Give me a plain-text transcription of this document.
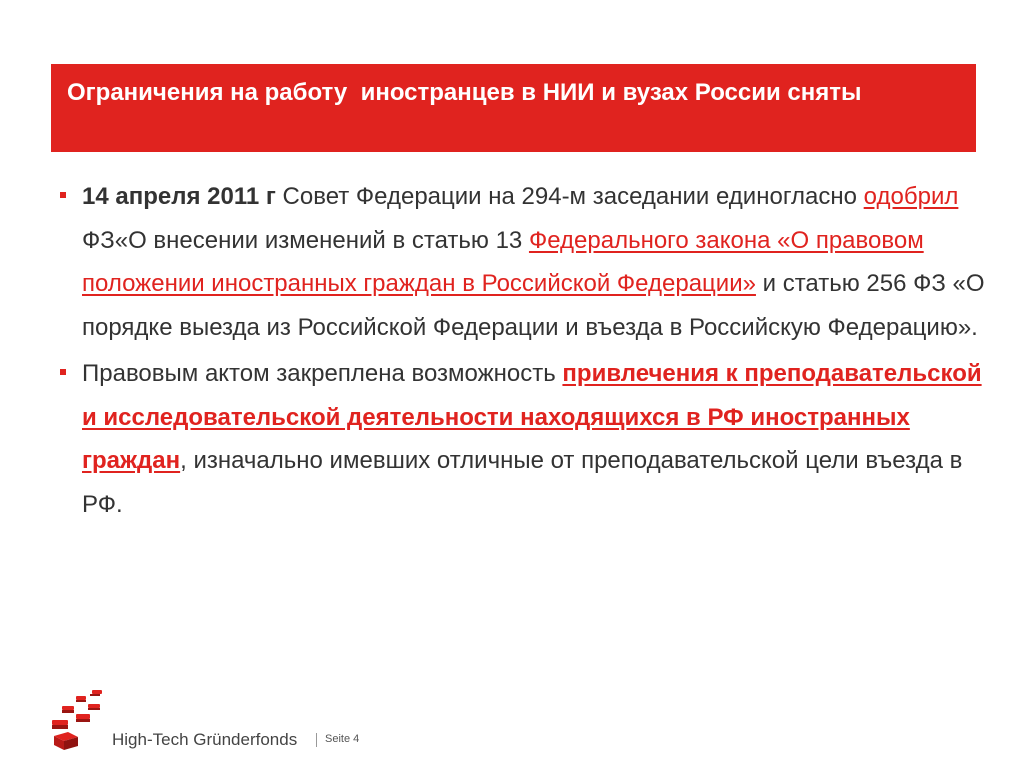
Ограничения на работу  иностранцев в НИИ и вузах России сняты
14 апреля 2011 г Совет Федерации на 294-м заседании единогласно одобрил ФЗ«О внесении изменений в статью 13 Федерального закона «О правовом положении иностранных граждан в Российской Федерации» и статью 256 ФЗ «О порядке выезда из Российской Федерации и въезда в Российскую Федерацию».
Правовым актом закреплена возможность привлечения к преподавательской и исследовательской деятельности находящихся в РФ иностранных граждан, изначально имевших отличные от преподавательской цели въезда в РФ.
High-Tech Gründerfonds	Seite 4
